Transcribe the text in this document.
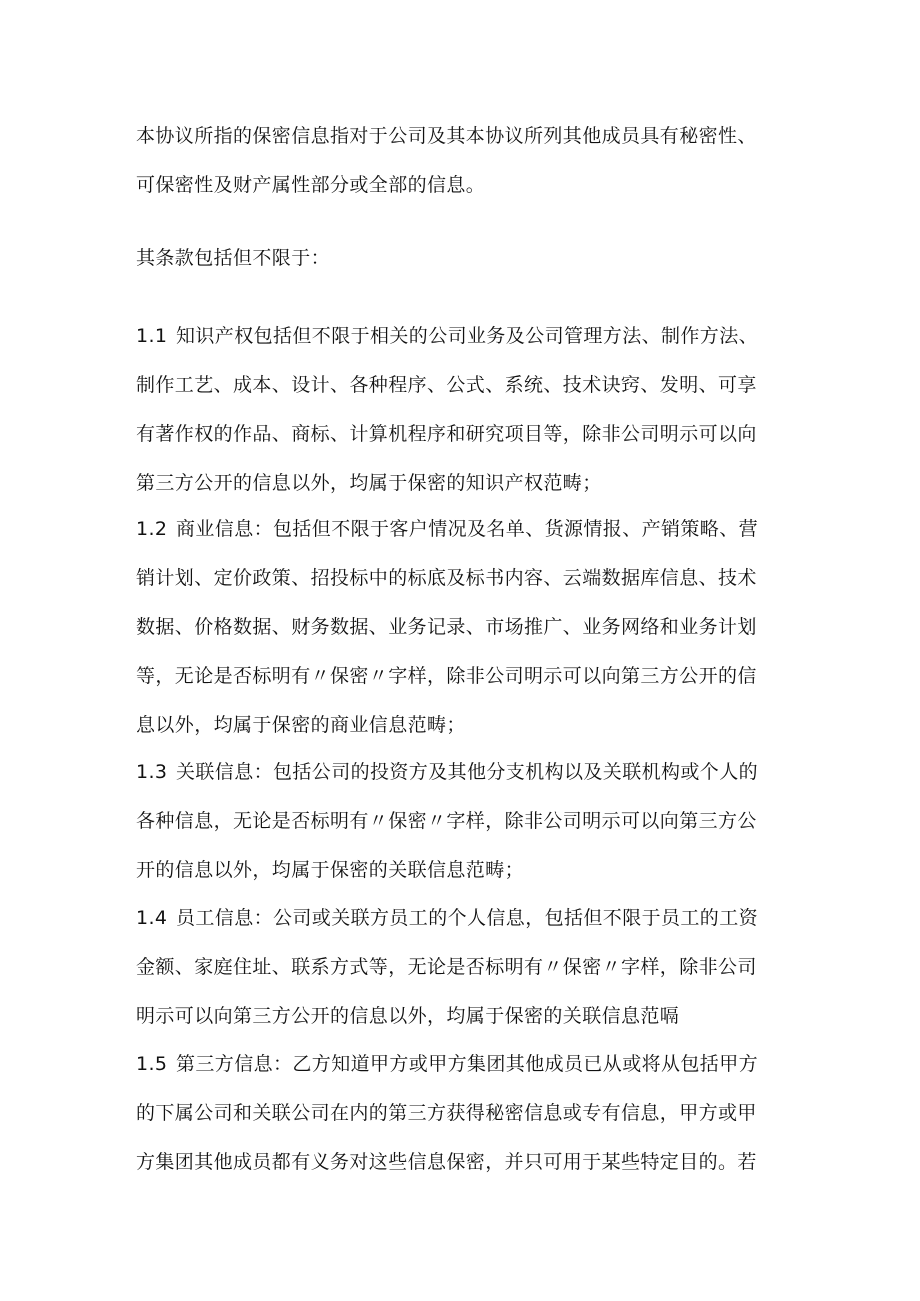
本协议所指的保密信息指对于公司及其本协议所列其他成员具有秘密性、
可保密性及财产属性部分或全部的信息。
其条款包括但不限于：
1.1 知识产权包括但不限于相关的公司业务及公司管理方法、制作方法、
制作工艺、成本、设计、各种程序、公式、系统、技术诀窍、发明、可享
有著作权的作品、商标、计算机程序和研究项目等，除非公司明示可以向
第三方公开的信息以外，均属于保密的知识产权范畴；
1.2 商业信息：包括但不限于客户情况及名单、货源情报、产销策略、营
销计划、定价政策、招投标中的标底及标书内容、云端数据库信息、技术
数据、价格数据、财务数据、业务记录、市场推广、业务网络和业务计划
等，无论是否标明有〃保密〃字样，除非公司明示可以向第三方公开的信
息以外，均属于保密的商业信息范畴；
1.3 关联信息：包括公司的投资方及其他分支机构以及关联机构或个人的
各种信息，无论是否标明有〃保密〃字样，除非公司明示可以向第三方公
开的信息以外，均属于保密的关联信息范畴；
1.4 员工信息：公司或关联方员工的个人信息，包括但不限于员工的工资
金额、家庭住址、联系方式等，无论是否标明有〃保密〃字样，除非公司
明示可以向第三方公开的信息以外，均属于保密的关联信息范嗝
1.5 第三方信息：乙方知道甲方或甲方集团其他成员已从或将从包括甲方
的下属公司和关联公司在内的第三方获得秘密信息或专有信息，甲方或甲
方集团其他成员都有义务对这些信息保密，并只可用于某些特定目的。若
